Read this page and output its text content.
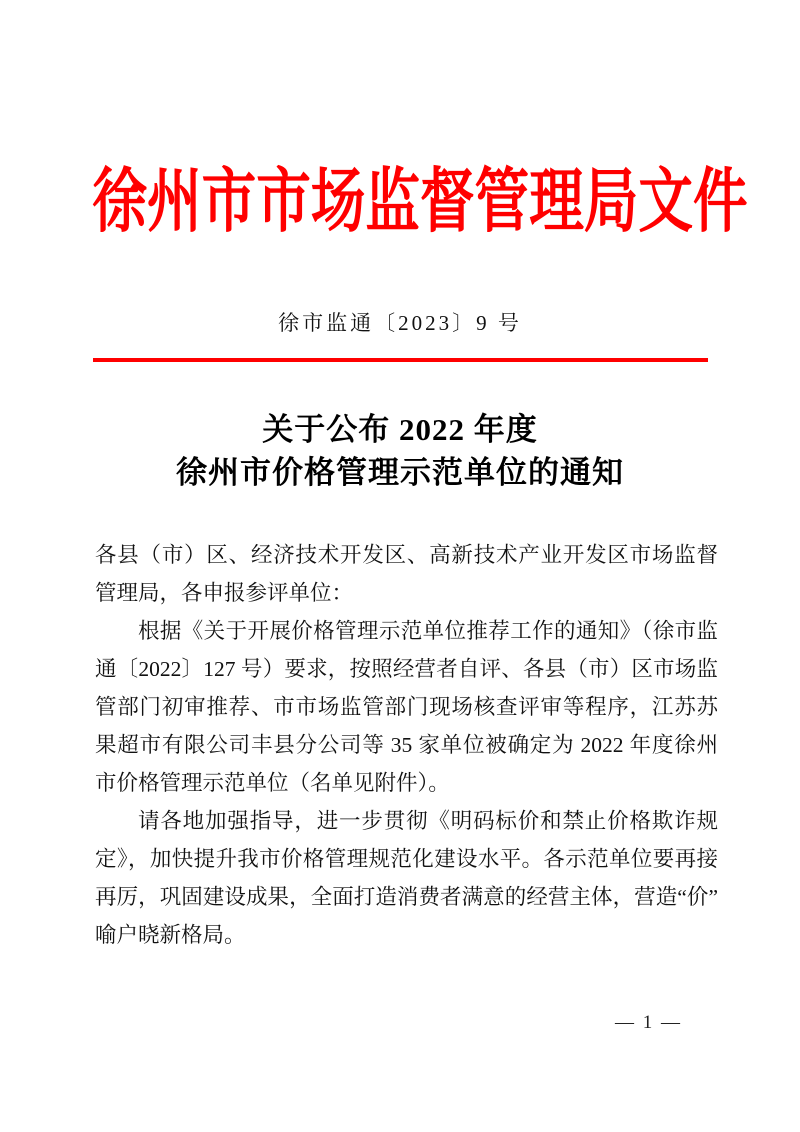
徐州市市场监督管理局文件
徐市监通〔2023〕9 号
关于公布 2022 年度
徐州市价格管理示范单位的通知

各县（市）区、经济技术开发区、高新技术产业开发区市场监督管理局，各申报参评单位：

根据《关于开展价格管理示范单位推荐工作的通知》（徐市监通〔2022〕127 号）要求，按照经营者自评、各县（市）区市场监管部门初审推荐、市市场监管部门现场核查评审等程序，江苏苏果超市有限公司丰县分公司等 35 家单位被确定为 2022 年度徐州市价格管理示范单位（名单见附件）。

请各地加强指导，进一步贯彻《明码标价和禁止价格欺诈规定》，加快提升我市价格管理规范化建设水平。各示范单位要再接再厉，巩固建设成果，全面打造消费者满意的经营主体，营造“价”喻户晓新格局。

— 1 —
